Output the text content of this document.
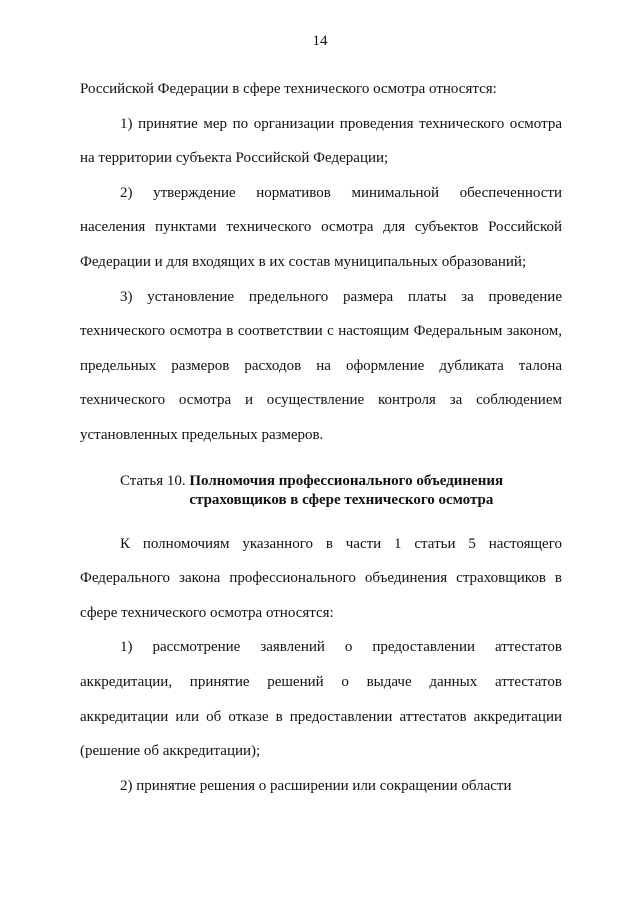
14

Российской Федерации в сфере технического осмотра относятся:

1) принятие мер по организации проведения технического осмотра на территории субъекта Российской Федерации;

2) утверждение нормативов минимальной обеспеченности населения пунктами технического осмотра для субъектов Российской Федерации и для входящих в их состав муниципальных образований;

3) установление предельного размера платы за проведение технического осмотра в соответствии с настоящим Федеральным законом, предельных размеров расходов на оформление дубликата талона технического осмотра и осуществление контроля за соблюдением установленных предельных размеров.

Статья 10. Полномочия профессионального объединения
страховщиков в сфере технического осмотра

К полномочиям указанного в части 1 статьи 5 настоящего Федерального закона профессионального объединения страховщиков в сфере технического осмотра относятся:

1) рассмотрение заявлений о предоставлении аттестатов аккредитации, принятие решений о выдаче данных аттестатов аккредитации или об отказе в предоставлении аттестатов аккредитации (решение об аккредитации);

2) принятие решения о расширении или сокращении области
